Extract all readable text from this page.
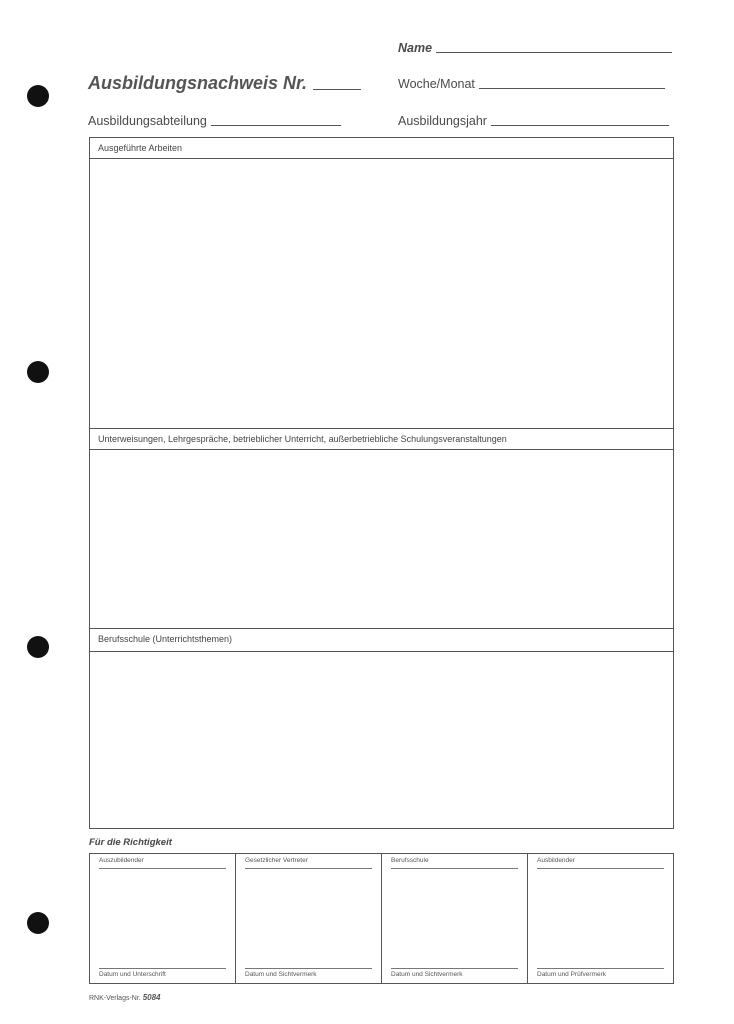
Name
Ausbildungsnachweis Nr.	Woche/Monat
Ausbildungsabteilung	Ausbildungsjahr
Ausgeführte Arbeiten
Unterweisungen, Lehrgespräche, betrieblicher Unterricht, außerbetriebliche Schulungsveranstaltungen
Berufsschule (Unterrichtsthemen)
Für die Richtigkeit
Auszubildender
Datum und Unterschrift
Gesetzlicher Vertreter
Datum und Sichtvermerk
Berufsschule
Datum und Sichtvermerk
Ausbildender
Datum und Prüfvermerk
RNK-Verlags-Nr. 5084
